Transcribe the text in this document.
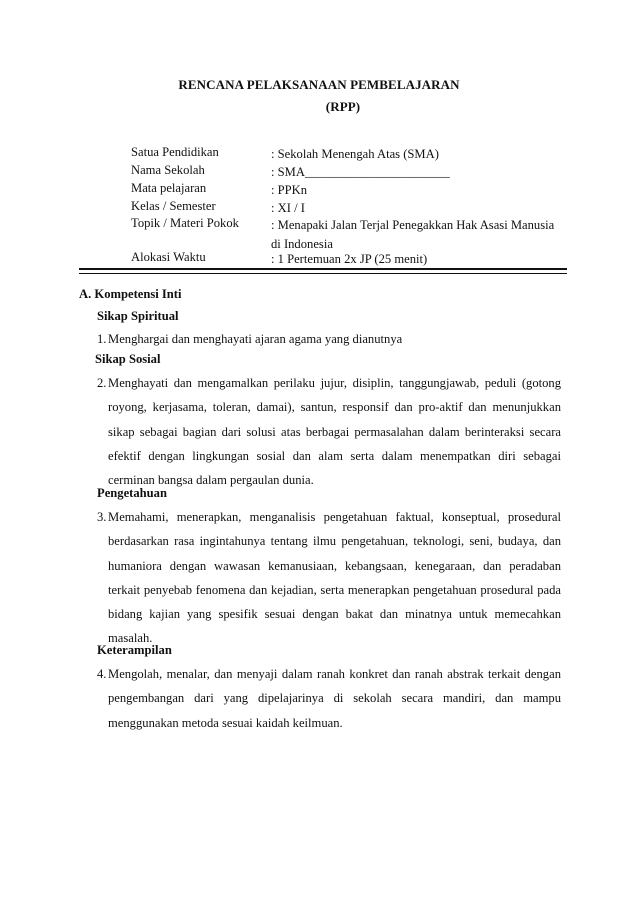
RENCANA PELAKSANAAN PEMBELAJARAN
(RPP)
Satua Pendidikan	: Sekolah Menengah Atas (SMA)
Nama Sekolah	: SMA_______________________
Mata pelajaran	: PPKn
Kelas / Semester	: XI / I
Topik / Materi Pokok	: Menapaki Jalan Terjal Penegakkan Hak Asasi Manusia di Indonesia
Alokasi Waktu	: 1 Pertemuan 2x JP (25 menit)
A. Kompetensi Inti
Sikap Spiritual
1. Menghargai dan menghayati ajaran agama yang dianutnya
Sikap Sosial
2. Menghayati dan mengamalkan perilaku jujur, disiplin, tanggungjawab, peduli (gotong royong, kerjasama, toleran, damai), santun, responsif dan pro-aktif dan menunjukkan sikap sebagai bagian dari solusi atas berbagai permasalahan dalam berinteraksi secara efektif dengan lingkungan sosial dan alam serta dalam menempatkan diri sebagai cerminan bangsa dalam pergaulan dunia.
Pengetahuan
3. Memahami, menerapkan, menganalisis pengetahuan faktual, konseptual, prosedural berdasarkan rasa ingintahunya tentang ilmu pengetahuan, teknologi, seni, budaya, dan humaniora dengan wawasan kemanusiaan, kebangsaan, kenegaraan, dan peradaban terkait penyebab fenomena dan kejadian, serta menerapkan pengetahuan prosedural pada bidang kajian yang spesifik sesuai dengan bakat dan minatnya untuk memecahkan masalah.
Keterampilan
4. Mengolah, menalar, dan menyaji dalam ranah konkret dan ranah abstrak terkait dengan pengembangan dari yang dipelajarinya di sekolah secara mandiri, dan mampu menggunakan metoda sesuai kaidah keilmuan.
